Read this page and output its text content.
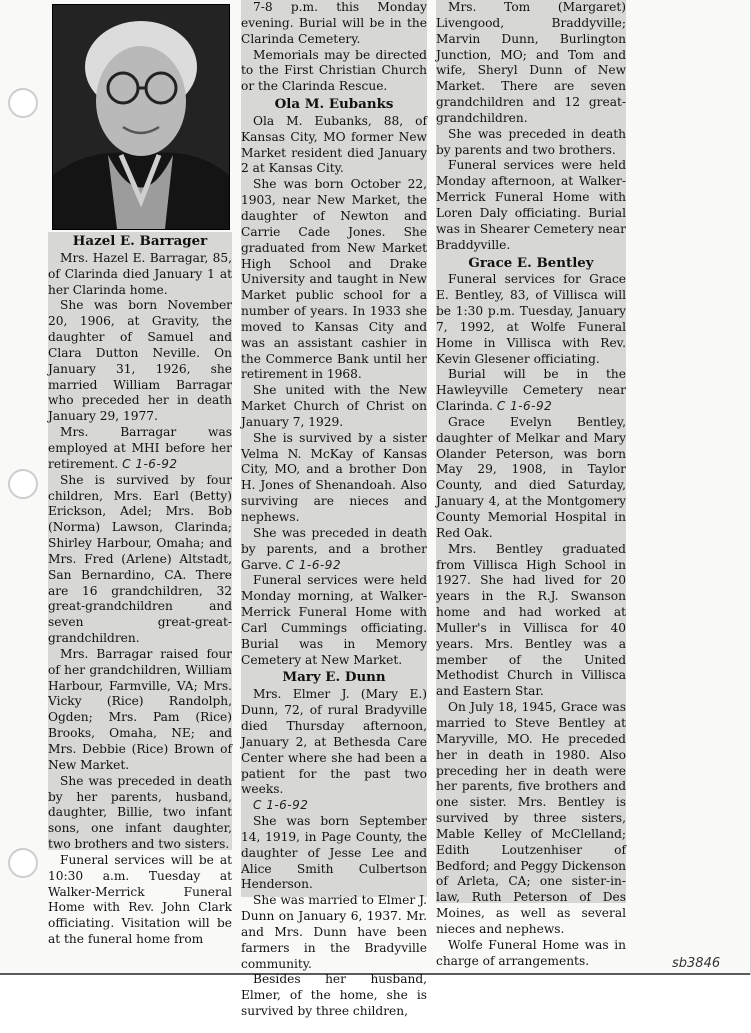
Hazel E. Barrager

Mrs. Hazel E. Barragar, 85, of Clarinda died January 1 at her Clarinda home.

She was born November 20, 1906, at Gravity, the daughter of Samuel and Clara Dutton Neville. On January 31, 1926, she married William Barragar who preceded her in death January 29, 1977.

Mrs. Barragar was employed at MHI before her retirement. C 1-6-92

She is survived by four children, Mrs. Earl (Betty) Erickson, Adel; Mrs. Bob (Norma) Lawson, Clarinda; Shirley Harbour, Omaha; and Mrs. Fred (Arlene) Altstadt, San Bernardino, CA. There are 16 grandchildren, 32 great-grandchildren and seven great-great-grandchildren.

Mrs. Barragar raised four of her grandchildren, William Harbour, Farmville, VA; Mrs. Vicky (Rice) Randolph, Ogden; Mrs. Pam (Rice) Brooks, Omaha, NE; and Mrs. Debbie (Rice) Brown of New Market.

She was preceded in death by her parents, husband, daughter, Billie, two infant sons, one infant daughter, two brothers and two sisters.

Funeral services will be at 10:30 a.m. Tuesday at Walker-Merrick Funeral Home with Rev. John Clark officiating. Visitation will be at the funeral home from

7-8 p.m. this Monday evening. Burial will be in the Clarinda Cemetery.

Memorials may be directed to the First Christian Church or the Clarinda Rescue.

Ola M. Eubanks

Ola M. Eubanks, 88, of Kansas City, MO former New Market resident died January 2 at Kansas City.

She was born October 22, 1903, near New Market, the daughter of Newton and Carrie Cade Jones. She graduated from New Market High School and Drake University and taught in New Market public school for a number of years. In 1933 she moved to Kansas City and was an assistant cashier in the Commerce Bank until her retirement in 1968.

She united with the New Market Church of Christ on January 7, 1929.

She is survived by a sister Velma N. McKay of Kansas City, MO, and a brother Don H. Jones of Shenandoah. Also surviving are nieces and nephews.

She was preceded in death by parents, and a brother Garve. C 1-6-92

Funeral services were held Monday morning, at Walker-Merrick Funeral Home with Carl Cummings officiating. Burial was in Memory Cemetery at New Market.

Mary E. Dunn

Mrs. Elmer J. (Mary E.) Dunn, 72, of rural Bradyville died Thursday afternoon, January 2, at Bethesda Care Center where she had been a patient for the past two weeks.

C 1-6-92

She was born September 14, 1919, in Page County, the daughter of Jesse Lee and Alice Smith Culbertson Henderson.

She was married to Elmer J. Dunn on January 6, 1937. Mr. and Mrs. Dunn have been farmers in the Bradyville community.

Besides her husband, Elmer, of the home, she is survived by three children,

Mrs. Tom (Margaret) Livengood, Braddyville; Marvin Dunn, Burlington Junction, MO; and Tom and wife, Sheryl Dunn of New Market. There are seven grandchildren and 12 great-grandchildren.

She was preceded in death by parents and two brothers.

Funeral services were held Monday afternoon, at Walker-Merrick Funeral Home with Loren Daly officiating. Burial was in Shearer Cemetery near Braddyville.

Grace E. Bentley

Funeral services for Grace E. Bentley, 83, of Villisca will be 1:30 p.m. Tuesday, January 7, 1992, at Wolfe Funeral Home in Villisca with Rev. Kevin Glesener officiating.

Burial will be in the Hawleyville Cemetery near Clarinda. C 1-6-92

Grace Evelyn Bentley, daughter of Melkar and Mary Olander Peterson, was born May 29, 1908, in Taylor County, and died Saturday, January 4, at the Montgomery County Memorial Hospital in Red Oak.

Mrs. Bentley graduated from Villisca High School in 1927. She had lived for 20 years in the R.J. Swanson home and had worked at Muller's in Villisca for 40 years. Mrs. Bentley was a member of the United Methodist Church in Villisca and Eastern Star.

On July 18, 1945, Grace was married to Steve Bentley at Maryville, MO. He preceded her in death in 1980. Also preceding her in death were her parents, five brothers and one sister. Mrs. Bentley is survived by three sisters, Mable Kelley of McClelland; Edith Loutzenhiser of Bedford; and Peggy Dickenson of Arleta, CA; one sister-in-law, Ruth Peterson of Des Moines, as well as several nieces and nephews.

Wolfe Funeral Home was in charge of arrangements.	sb3846
